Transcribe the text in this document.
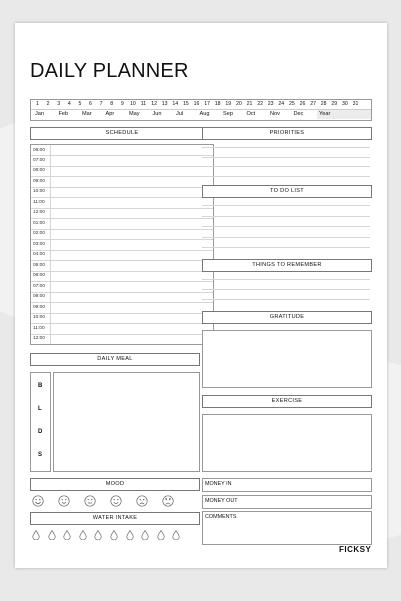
DAILY PLANNER
1	2	3	4	5	6	7	8	9	10 11 12 13 14 15 16 17 18 19 20 21 22 23 24 25 26 27 28 29 30 31
Jan	Feb Mar Apr	May Jun	Jul	Aug Sep Oct	Nov Dec	Year
SCHEDULE
06:00
07:00
08:00
09:00
10:00
11:00
12:00
01:00
02:00
03:00
04:00
05:00
06:00
07:00
08:00
09:00
10:00
11:00
12:00
DAILY MEAL
B
L
D
S
MOOD
WATER INTAKE
PRIORITIES
TO DO LIST
THINGS TO REMEMBER
GRATITUDE
EXERCISE
MONEY IN
MONEY OUT
COMMENTS
FICKSY
